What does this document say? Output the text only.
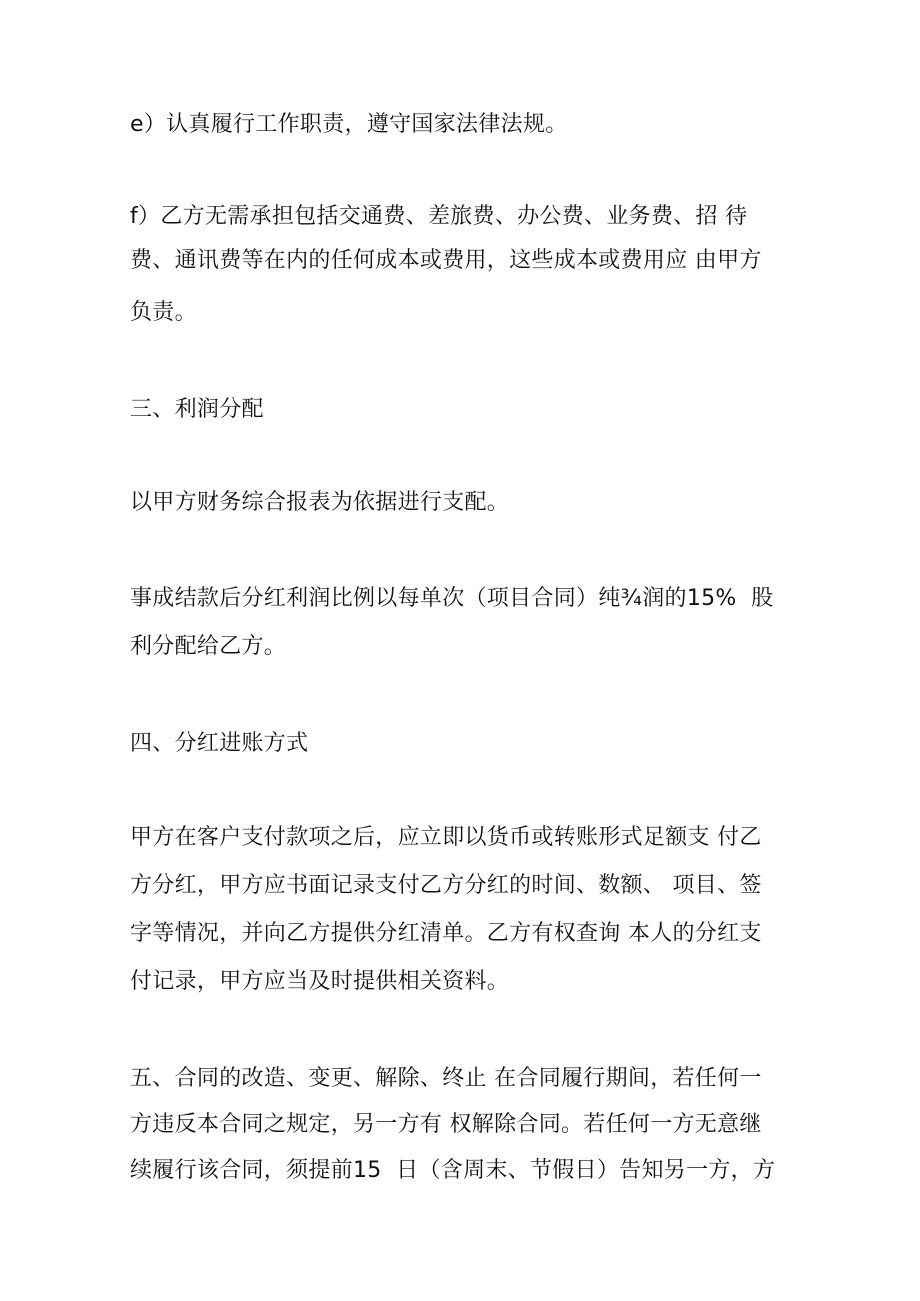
e）认真履行工作职责，遵守国家法律法规。
f）乙方无需承担包括交通费、差旅费、办公费、业务费、招 待
费、通讯费等在内的任何成本或费用，这些成本或费用应 由甲方
负责。
三、利润分配
以甲方财务综合报表为依据进行支配。
事成结款后分红利润比例以每单次（项目合同）纯¾润的15%  股
利分配给乙方。
四、分红进账方式
甲方在客户支付款项之后，应立即以货币或转账形式足额支 付乙
方分红，甲方应书面记录支付乙方分红的时间、数额、 项目、签
字等情况，并向乙方提供分红清单。乙方有权查询 本人的分红支
付记录，甲方应当及时提供相关资料。
五、合同的改造、变更、解除、终止 在合同履行期间，若任何一
方违反本合同之规定，另一方有 权解除合同。若任何一方无意继
续履行该合同，须提前15  日（含周末、节假日）告知另一方，方
